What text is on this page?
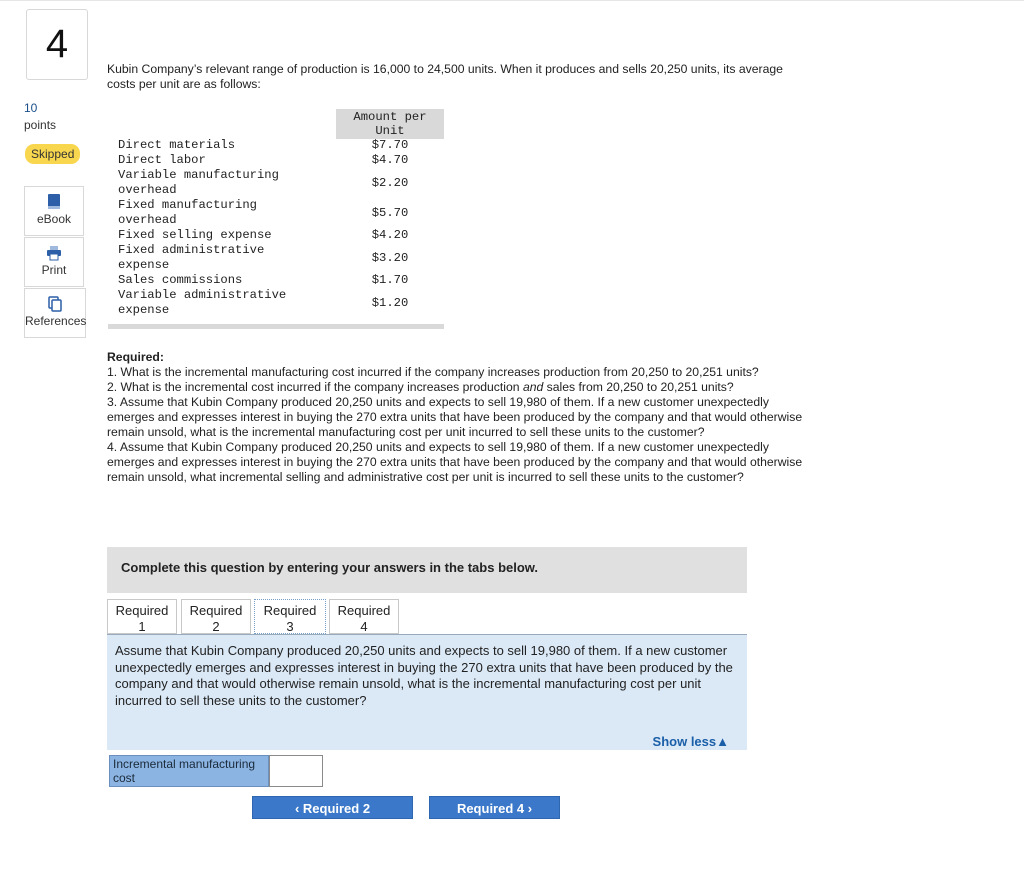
4
10
points
Skipped
eBook
Print
References
Kubin Company’s relevant range of production is 16,000 to 24,500 units. When it produces and sells 20,250 units, its average costs per unit are as follows:
Amount per Unit
Direct materials	$7.70
Direct labor	$4.70
Variable manufacturing overhead	$2.20
Fixed manufacturing overhead	$5.70
Fixed selling expense	$4.20
Fixed administrative expense	$3.20
Sales commissions	$1.70
Variable administrative expense	$1.20

Required:

1. What is the incremental manufacturing cost incurred if the company increases production from 20,250 to 20,251 units?

2. What is the incremental cost incurred if the company increases production and sales from 20,250 to 20,251 units?

3. Assume that Kubin Company produced 20,250 units and expects to sell 19,980 of them. If a new customer unexpectedly emerges and expresses interest in buying the 270 extra units that have been produced by the company and that would otherwise remain unsold, what is the incremental manufacturing cost per unit incurred to sell these units to the customer?

4. Assume that Kubin Company produced 20,250 units and expects to sell 19,980 of them. If a new customer unexpectedly emerges and expresses interest in buying the 270 extra units that have been produced by the company and that would otherwise remain unsold, what incremental selling and administrative cost per unit is incurred to sell these units to the customer?

Complete this question by entering your answers in the tabs below.
Required
1
Required
2
Required
3
Required
4
Assume that Kubin Company produced 20,250 units and expects to sell 19,980 of them. If a new customer unexpectedly emerges and expresses interest in buying the 270 extra units that have been produced by the company and that would otherwise remain unsold, what is the incremental manufacturing cost per unit incurred to sell these units to the customer?
Show less▲
Incremental manufacturing cost
‹ Required 2	Required 4 ›
